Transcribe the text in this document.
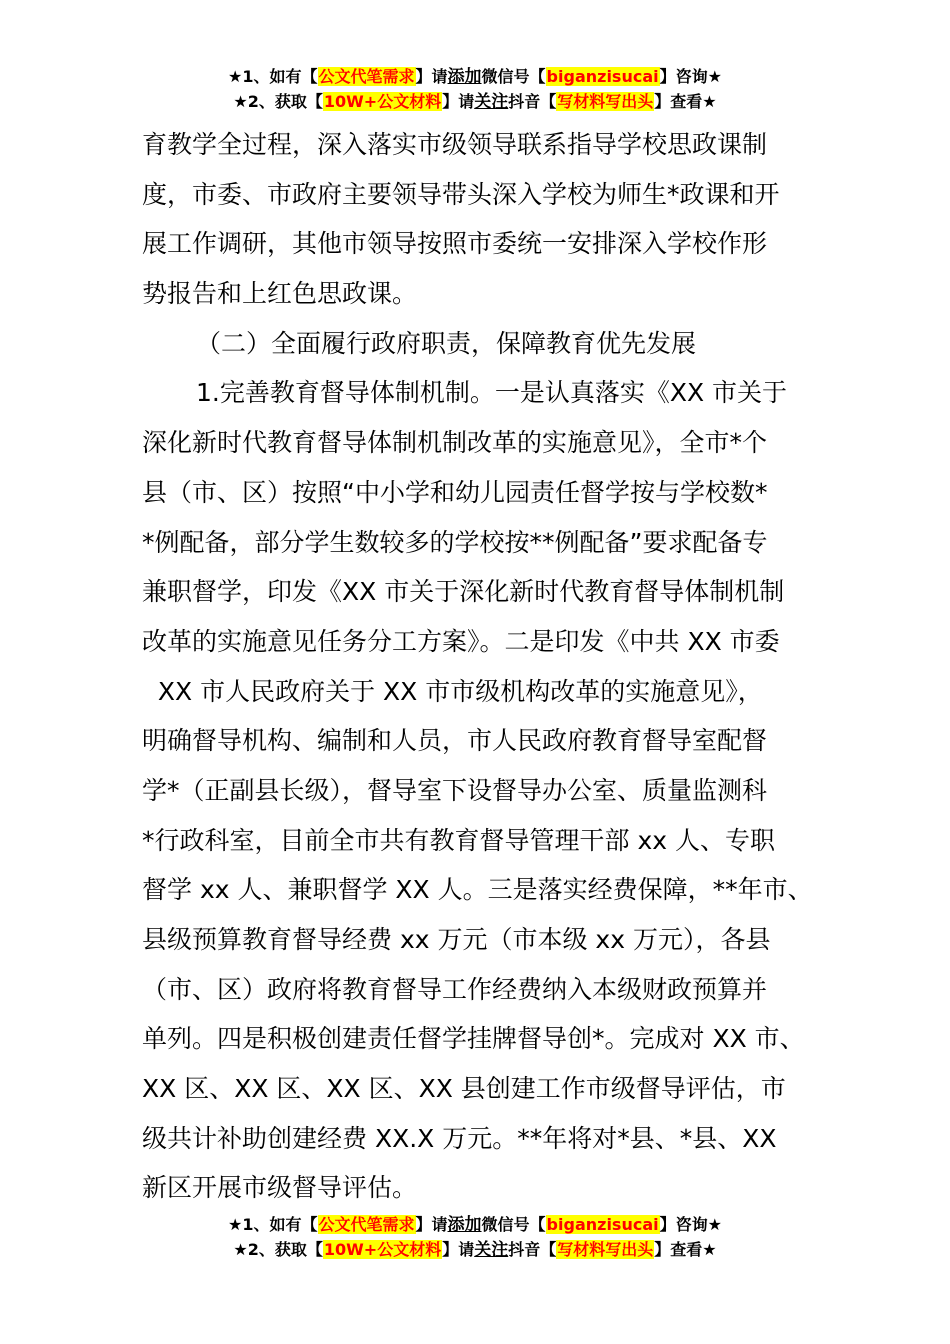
★1、如有【公文代笔需求】请添加微信号【biganzisucai】咨询★
★2、获取【10W+公文材料】请关注抖音【写材料写出头】查看★
育教学全过程，深入落实市级领导联系指导学校思政课制
度，市委、市政府主要领导带头深入学校为师生*政课和开
展工作调研，其他市领导按照市委统一安排深入学校作形
势报告和上红色思政课。
（二）全面履行政府职责，保障教育优先发展
1.完善教育督导体制机制。一是认真落实《XX 市关于
深化新时代教育督导体制机制改革的实施意见》，全市*个
县（市、区）按照“中小学和幼儿园责任督学按与学校数*
*例配备，部分学生数较多的学校按**例配备”要求配备专
兼职督学，印发《XX 市关于深化新时代教育督导体制机制
改革的实施意见任务分工方案》。二是印发《中共 XX 市委
XX 市人民政府关于 XX 市市级机构改革的实施意见》，
明确督导机构、编制和人员，市人民政府教育督导室配督
学*（正副县长级），督导室下设督导办公室、质量监测科
*行政科室，目前全市共有教育督导管理干部 xx 人、专职
督学 xx 人、兼职督学 XX 人。三是落实经费保障，**年市、
县级预算教育督导经费 xx 万元（市本级 xx 万元），各县
（市、区）政府将教育督导工作经费纳入本级财政预算并
单列。四是积极创建责任督学挂牌督导创*。完成对 XX 市、
XX 区、XX 区、XX 区、XX 县创建工作市级督导评估，市
级共计补助创建经费 XX.X 万元。**年将对*县、*县、XX
新区开展市级督导评估。
★1、如有【公文代笔需求】请添加微信号【biganzisucai】咨询★
★2、获取【10W+公文材料】请关注抖音【写材料写出头】查看★
